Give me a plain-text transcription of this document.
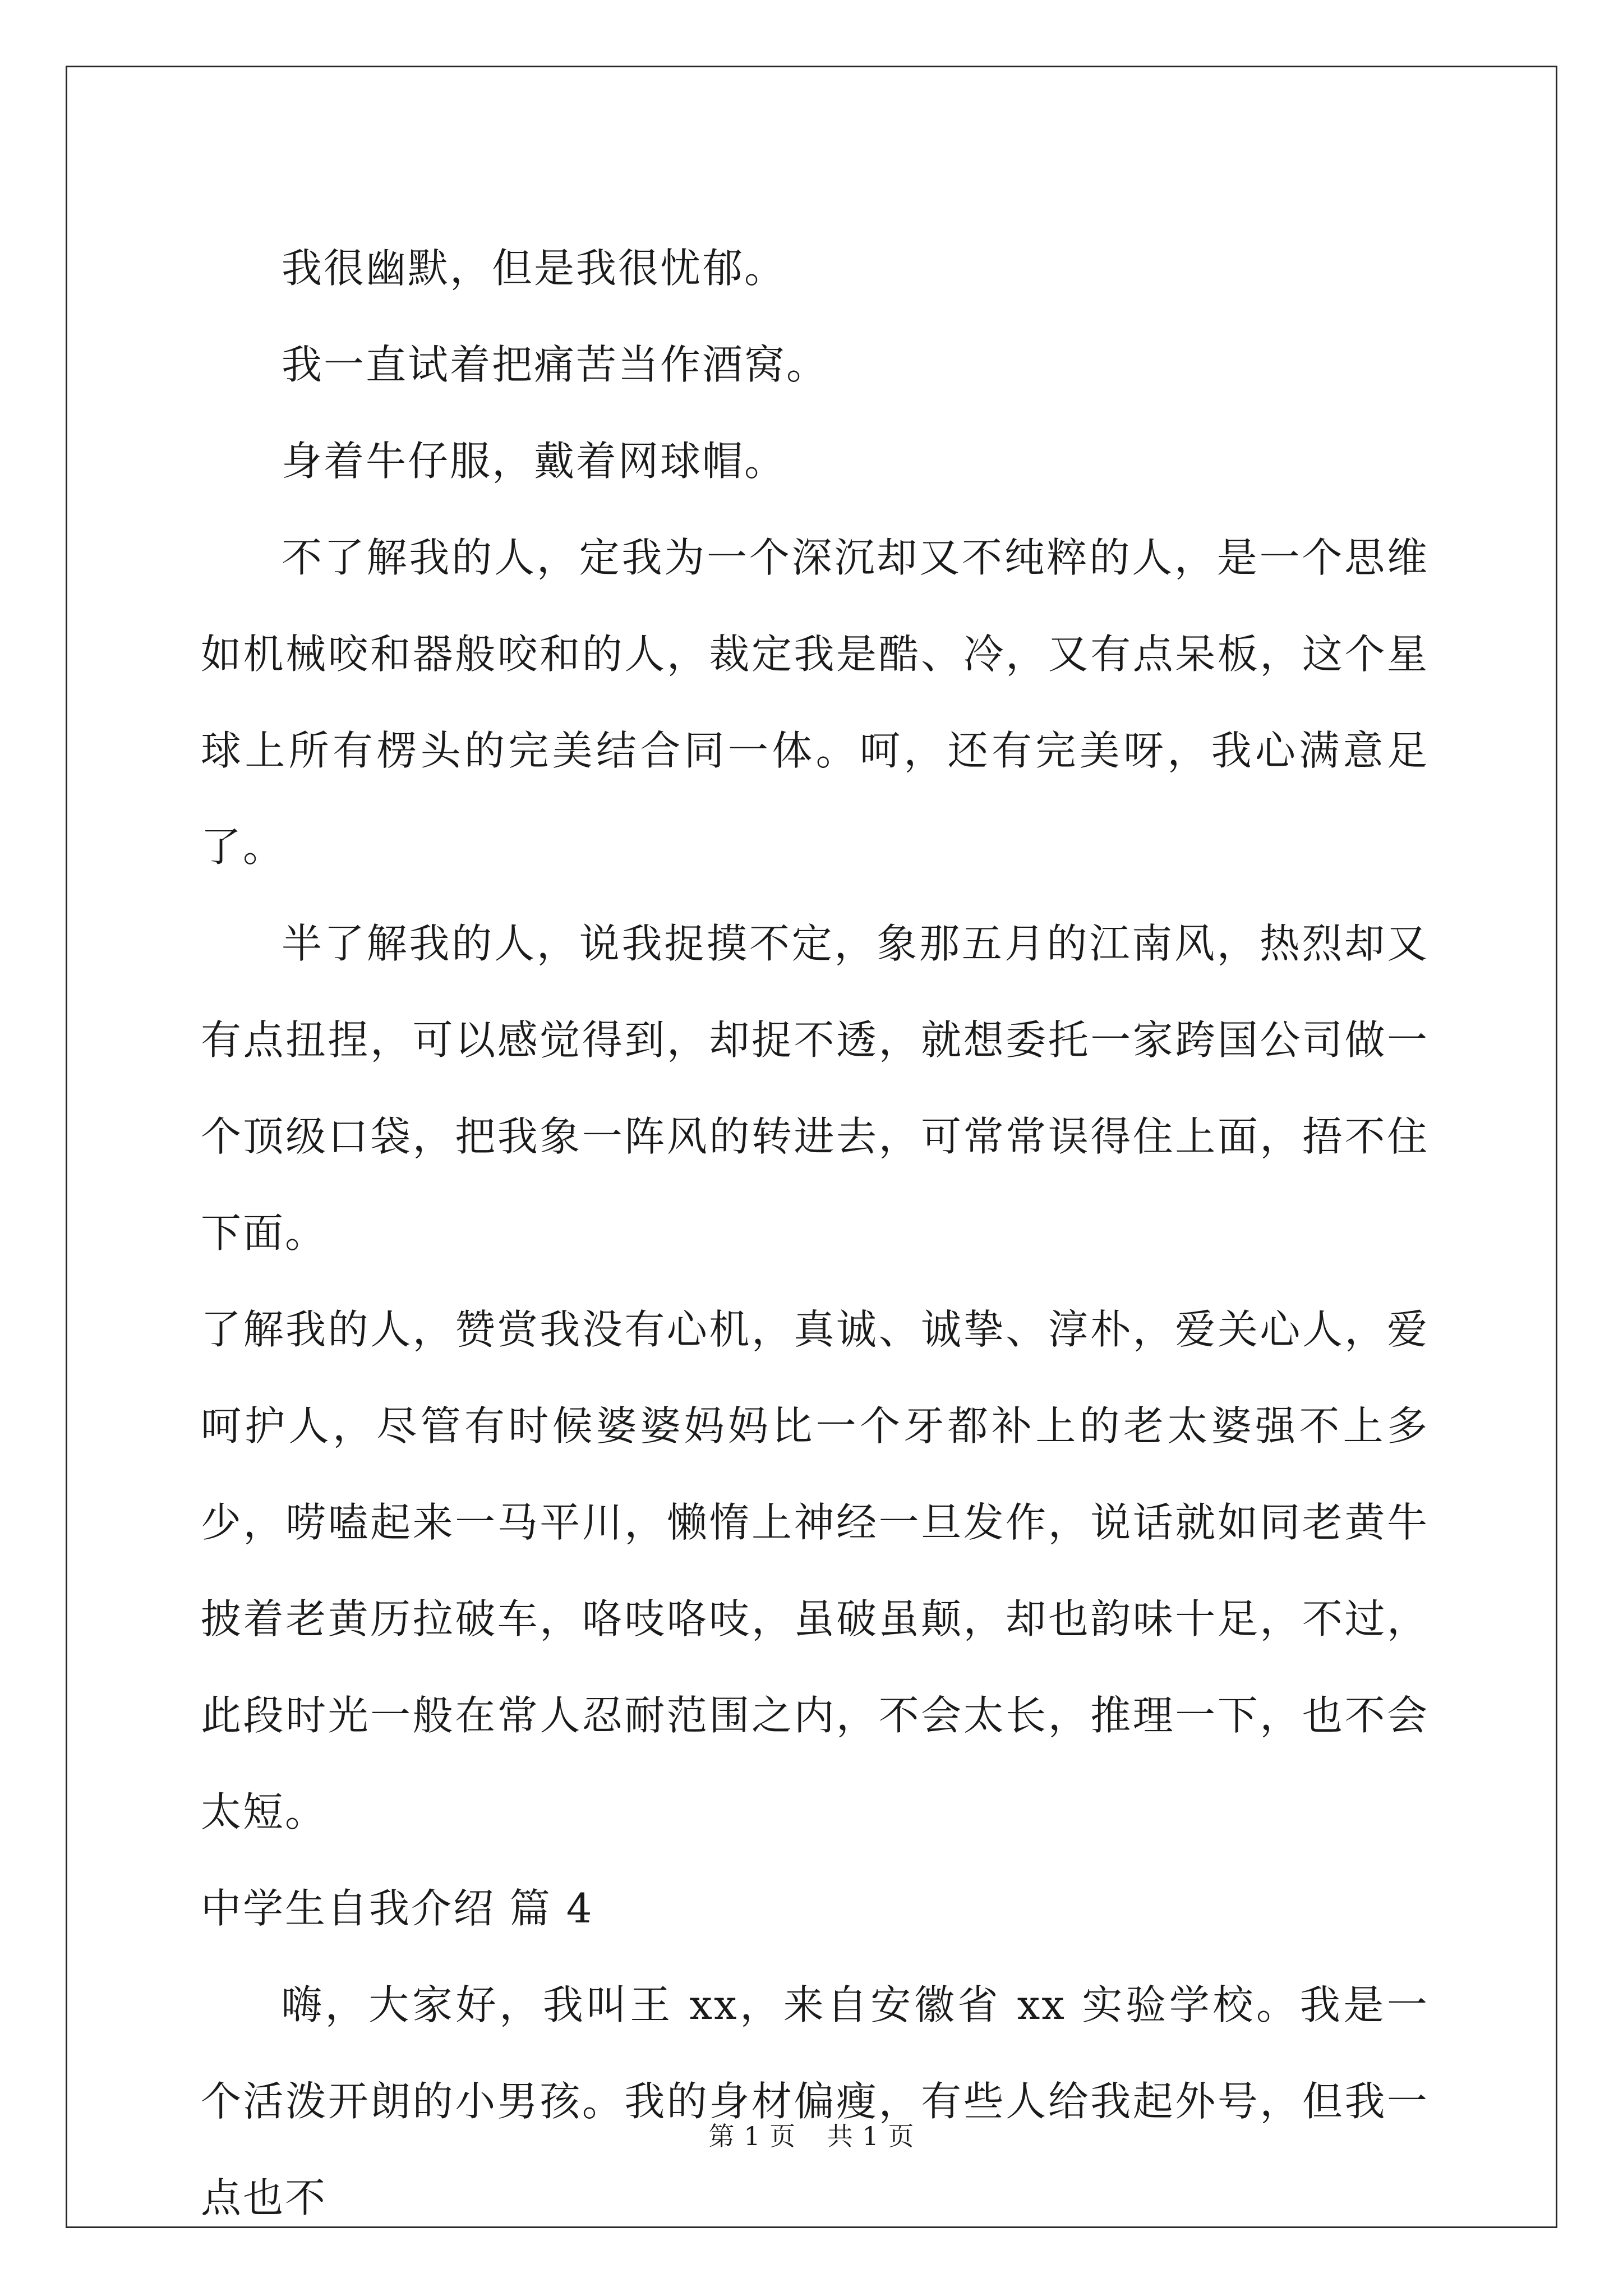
我很幽默，但是我很忧郁。

我一直试着把痛苦当作酒窝。

身着牛仔服，戴着网球帽。

不了解我的人，定我为一个深沉却又不纯粹的人，是一个思维如机械咬和器般咬和的人，裁定我是酷、冷，又有点呆板，这个星球上所有楞头的完美结合同一体。呵，还有完美呀，我心满意足了。

半了解我的人，说我捉摸不定，象那五月的江南风，热烈却又有点扭捏，可以感觉得到，却捉不透，就想委托一家跨国公司做一个顶级口袋，把我象一阵风的转进去，可常常误得住上面，捂不住下面。

了解我的人，赞赏我没有心机，真诚、诚挚、淳朴，爱关心人，爱呵护人，尽管有时候婆婆妈妈比一个牙都补上的老太婆强不上多少，唠嗑起来一马平川，懒惰上神经一旦发作，说话就如同老黄牛披着老黄历拉破车，咯吱咯吱，虽破虽颠，却也韵味十足，不过，此段时光一般在常人忍耐范围之内，不会太长，推理一下，也不会太短。

中学生自我介绍 篇 4

嗨，大家好，我叫王 xx，来自安徽省 xx 实验学校。我是一个活泼开朗的小男孩。我的身材偏瘦，有些人给我起外号，但我一点也不

第 1 页 共 1 页
